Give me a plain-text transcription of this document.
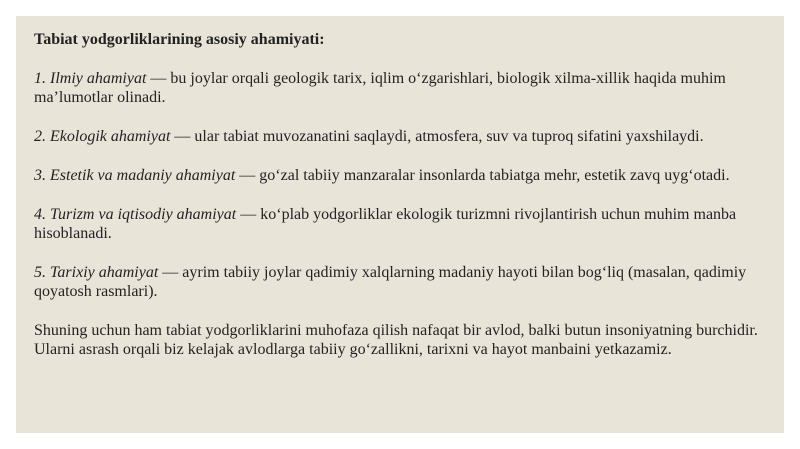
Tabiat yodgorliklarining asosiy ahamiyati:

1. Ilmiy ahamiyat — bu joylar orqali geologik tarix, iqlim o‘zgarishlari, biologik xilma-xillik haqida muhim ma’lumotlar olinadi.

2. Ekologik ahamiyat — ular tabiat muvozanatini saqlaydi, atmosfera, suv va tuproq sifatini yaxshilaydi.

3. Estetik va madaniy ahamiyat — go‘zal tabiiy manzaralar insonlarda tabiatga mehr, estetik zavq uyg‘otadi.

4. Turizm va iqtisodiy ahamiyat — ko‘plab yodgorliklar ekologik turizmni rivojlantirish uchun muhim manba hisoblanadi.

5. Tarixiy ahamiyat — ayrim tabiiy joylar qadimiy xalqlarning madaniy hayoti bilan bog‘liq (masalan, qadimiy qoyatosh rasmlari).

Shuning uchun ham tabiat yodgorliklarini muhofaza qilish nafaqat bir avlod, balki butun insoniyatning burchidir. Ularni asrash orqali biz kelajak avlodlarga tabiiy go‘zallikni, tarixni va hayot manbaini yetkazamiz.
